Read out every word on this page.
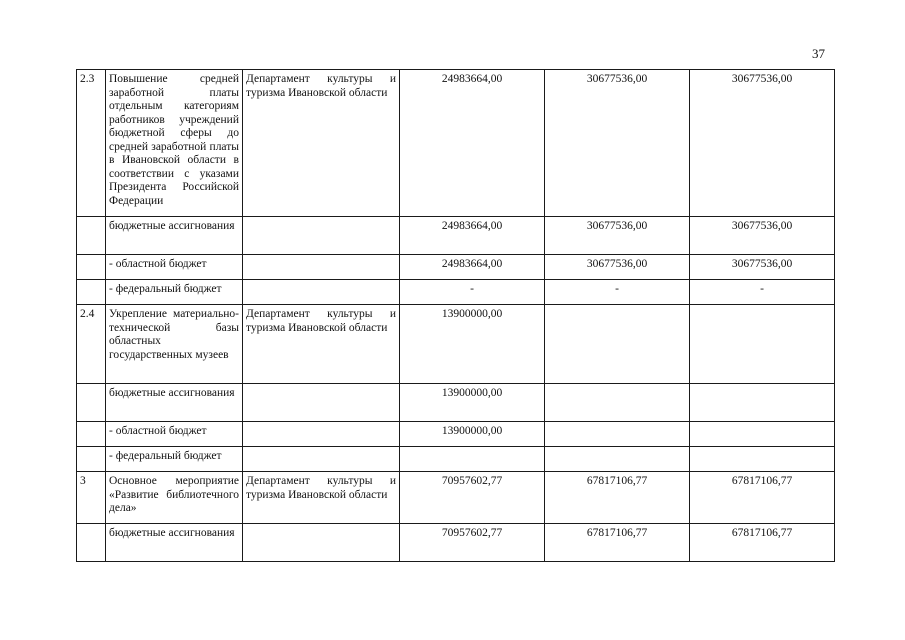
37
2.3	Повышение средней заработной платы отдельным категориям работников учреждений бюджетной сферы до средней заработной платы в Ивановской области в соответствии с указами Президента Российской Федерации	Департамент культуры и туризма Ивановской области	24983664,00	30677536,00	30677536,00
	бюджетные ассигнования		24983664,00	30677536,00	30677536,00
	- областной бюджет		24983664,00	30677536,00	30677536,00
	- федеральный бюджет		-	-	-
2.4	Укрепление материально-технической базы областных государственных музеев	Департамент культуры и туризма Ивановской области	13900000,00		
	бюджетные ассигнования		13900000,00		
	- областной бюджет		13900000,00		
	- федеральный бюджет				
3	Основное мероприятие «Развитие библиотечного дела»	Департамент культуры и туризма Ивановской области	70957602,77	67817106,77	67817106,77
	бюджетные ассигнования		70957602,77	67817106,77	67817106,77
